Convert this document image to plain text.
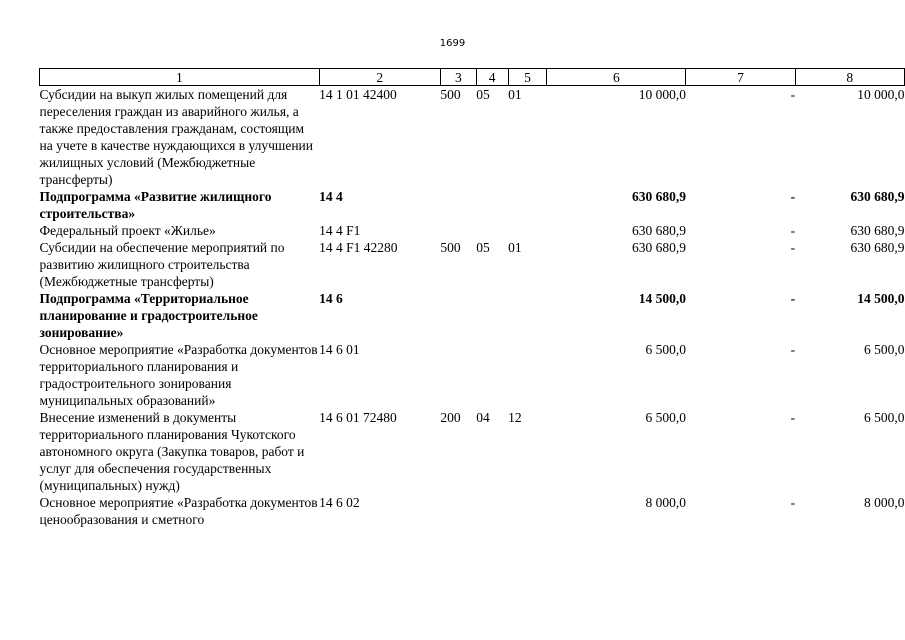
1699
1	2	3	4	5	6	7	8
Субсидии на выкуп жилых помещений для переселения граждан из аварийного жилья, а также предоставления гражданам, состоящим на учете в качестве нуждающихся в улучшении жилищных условий (Межбюджетные трансферты)	14 1 01 42400	500	05	01	10 000,0	-	10 000,0
Подпрограмма «Развитие жилищного строительства»	14 4				630 680,9	-	630 680,9
Федеральный проект «Жилье»	14 4 F1				630 680,9	-	630 680,9
Субсидии на обеспечение мероприятий по развитию жилищного строительства (Межбюджетные трансферты)	14 4 F1 42280	500	05	01	630 680,9	-	630 680,9
Подпрограмма «Территориальное планирование и градостроительное зонирование»	14 6				14 500,0	-	14 500,0
Основное мероприятие «Разработка документов территориального планирования и градостроительного зонирования муниципальных образований»	14 6 01				6 500,0	-	6 500,0
Внесение изменений в документы территориального планирования Чукотского автономного округа (Закупка товаров, работ и услуг для обеспечения государственных (муниципальных) нужд)	14 6 01 72480	200	04	12	6 500,0	-	6 500,0
Основное мероприятие «Разработка документов ценообразования и сметного	14 6 02				8 000,0	-	8 000,0
